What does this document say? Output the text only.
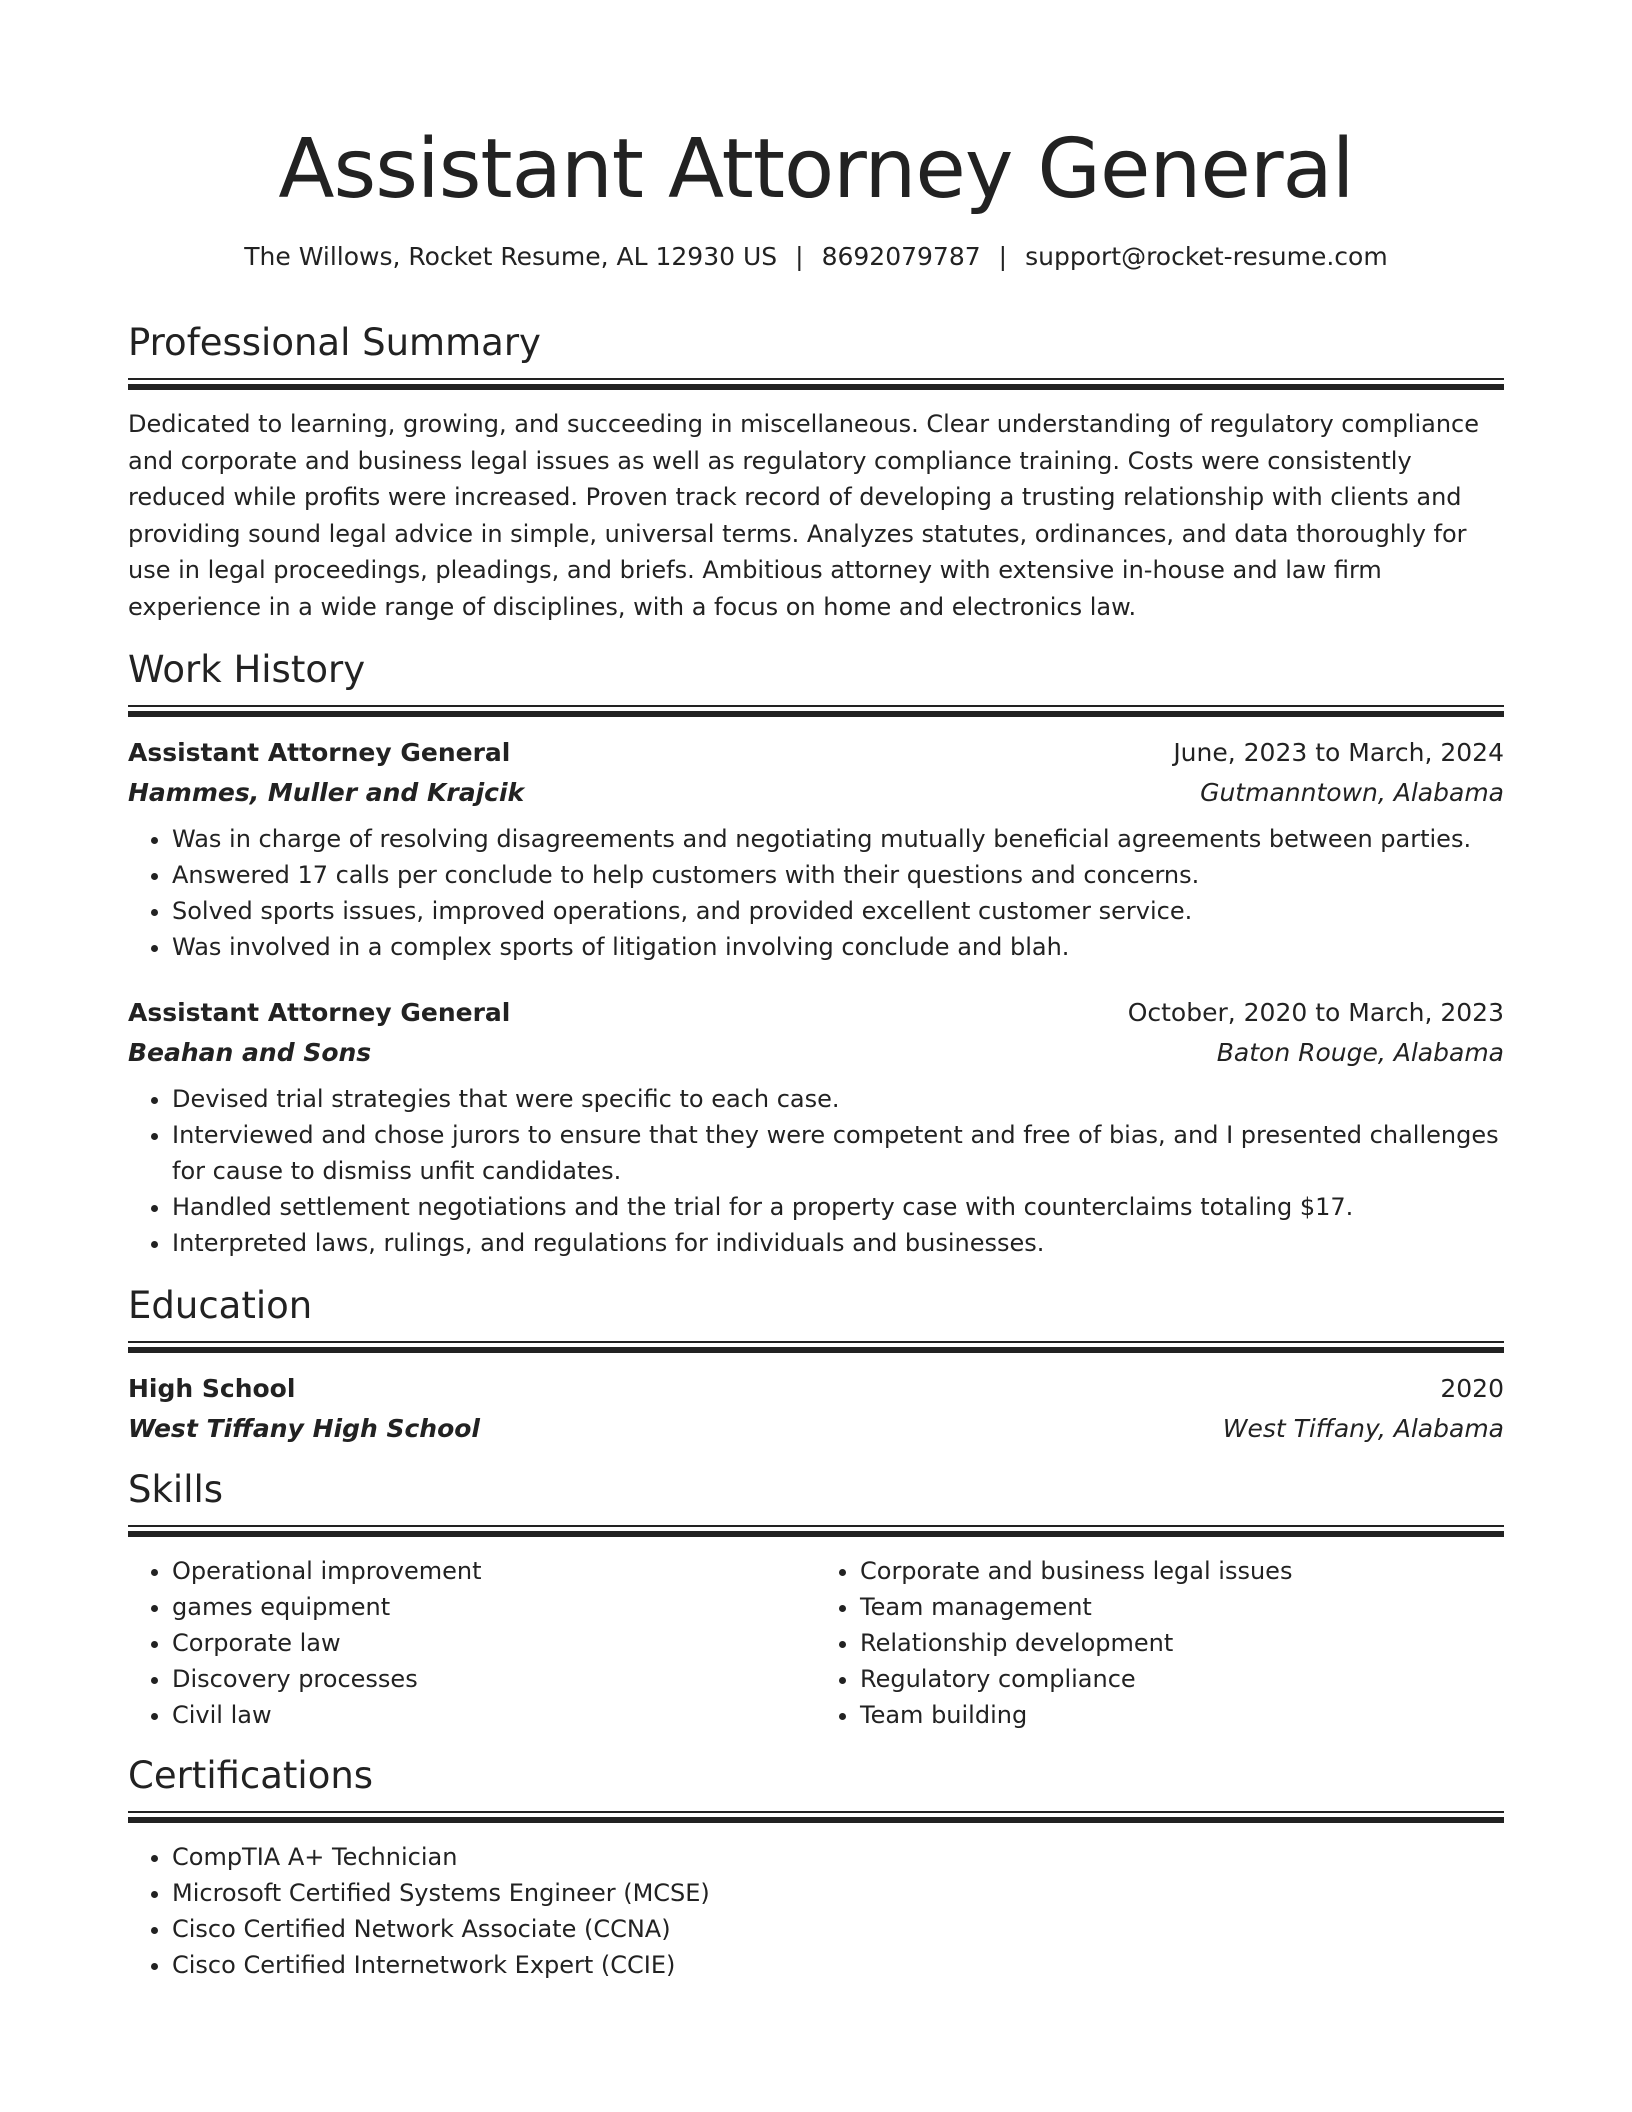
Assistant Attorney General
The Willows, Rocket Resume, AL 12930 US | 8692079787 | support@rocket-resume.com
Professional Summary

Dedicated to learning, growing, and succeeding in miscellaneous. Clear understanding of regulatory compliance and corporate and business legal issues as well as regulatory compliance training. Costs were consistently reduced while profits were increased. Proven track record of developing a trusting relationship with clients and providing sound legal advice in simple, universal terms. Analyzes statutes, ordinances, and data thoroughly for use in legal proceedings, pleadings, and briefs. Ambitious attorney with extensive in-house and law firm experience in a wide range of disciplines, with a focus on home and electronics law.

Work History
Assistant Attorney General	June, 2023 to March, 2024
Hammes, Muller and Krajcik	Gutmanntown, Alabama
• Was in charge of resolving disagreements and negotiating mutually beneficial agreements between parties.
• Answered 17 calls per conclude to help customers with their questions and concerns.
• Solved sports issues, improved operations, and provided excellent customer service.
• Was involved in a complex sports of litigation involving conclude and blah.
Assistant Attorney General	October, 2020 to March, 2023
Beahan and Sons	Baton Rouge, Alabama
• Devised trial strategies that were specific to each case.
• Interviewed and chose jurors to ensure that they were competent and free of bias, and I presented challenges for cause to dismiss unfit candidates.
• Handled settlement negotiations and the trial for a property case with counterclaims totaling $17.
• Interpreted laws, rulings, and regulations for individuals and businesses.
Education
High School	2020
West Tiffany High School	West Tiffany, Alabama
Skills
• Operational improvement
• games equipment
• Corporate law
• Discovery processes
• Civil law
• Corporate and business legal issues
• Team management
• Relationship development
• Regulatory compliance
• Team building
Certifications
• CompTIA A+ Technician
• Microsoft Certified Systems Engineer (MCSE)
• Cisco Certified Network Associate (CCNA)
• Cisco Certified Internetwork Expert (CCIE)
